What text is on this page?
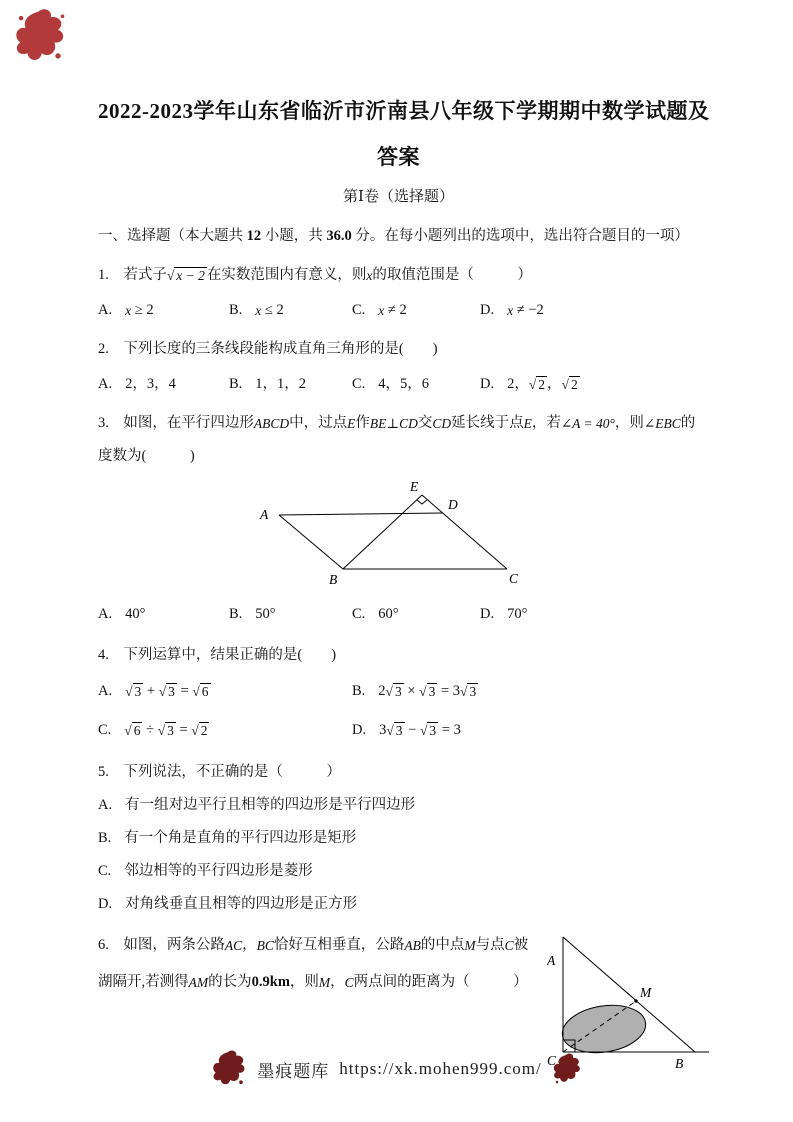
2022-2023学年山东省临沂市沂南县八年级下学期期中数学试题及
答案
第Ⅰ卷（选择题）
一、选择题（本大题共 12 小题，共 36.0 分。在每小题列出的选项中，选出符合题目的一项）
1.　若式子√ x − 2 在实数范围内有意义，则x的取值范围是（　　　）
A. x ≥ 2	B. x ≤ 2	C. x ≠ 2	D. x ≠ −2
2.　下列长度的三条线段能构成直角三角形的是(　　)
A. 2，3，4	B. 1，1，2	C. 4，5，6	D. 2，√ 2 ，√ 2
3.　如图，在平行四边形ABCD中，过点E作BE⊥CD交CD延长线于点E，若∠A = 40°，则∠EBC的
度数为(　　　)
E
D
A
B	C
A. 40°	B. 50°	C. 60°	D. 70°
4.　下列运算中，结果正确的是(　　)
A. √ 3 + √ 3 = √ 6	B. 2√ 3 × √ 3 = 3√ 3
C. √ 6 ÷ √ 3 = √ 2	D. 3√ 3 − √ 3 = 3
5.　下列说法，不正确的是（　　　）
A. 有一组对边平行且相等的四边形是平行四边形
B. 有一个角是直角的平行四边形是矩形
C. 邻边相等的平行四边形是菱形
D. 对角线垂直且相等的四边形是正方形
A
M
C	B
6.　如图，两条公路AC，BC恰好互相垂直，公路AB的中点M与点C被
湖隔开,若测得AM的长为0.9km，则M，C两点间的距离为（　　　）
墨痕题库 https://xk.mohen999.com/
